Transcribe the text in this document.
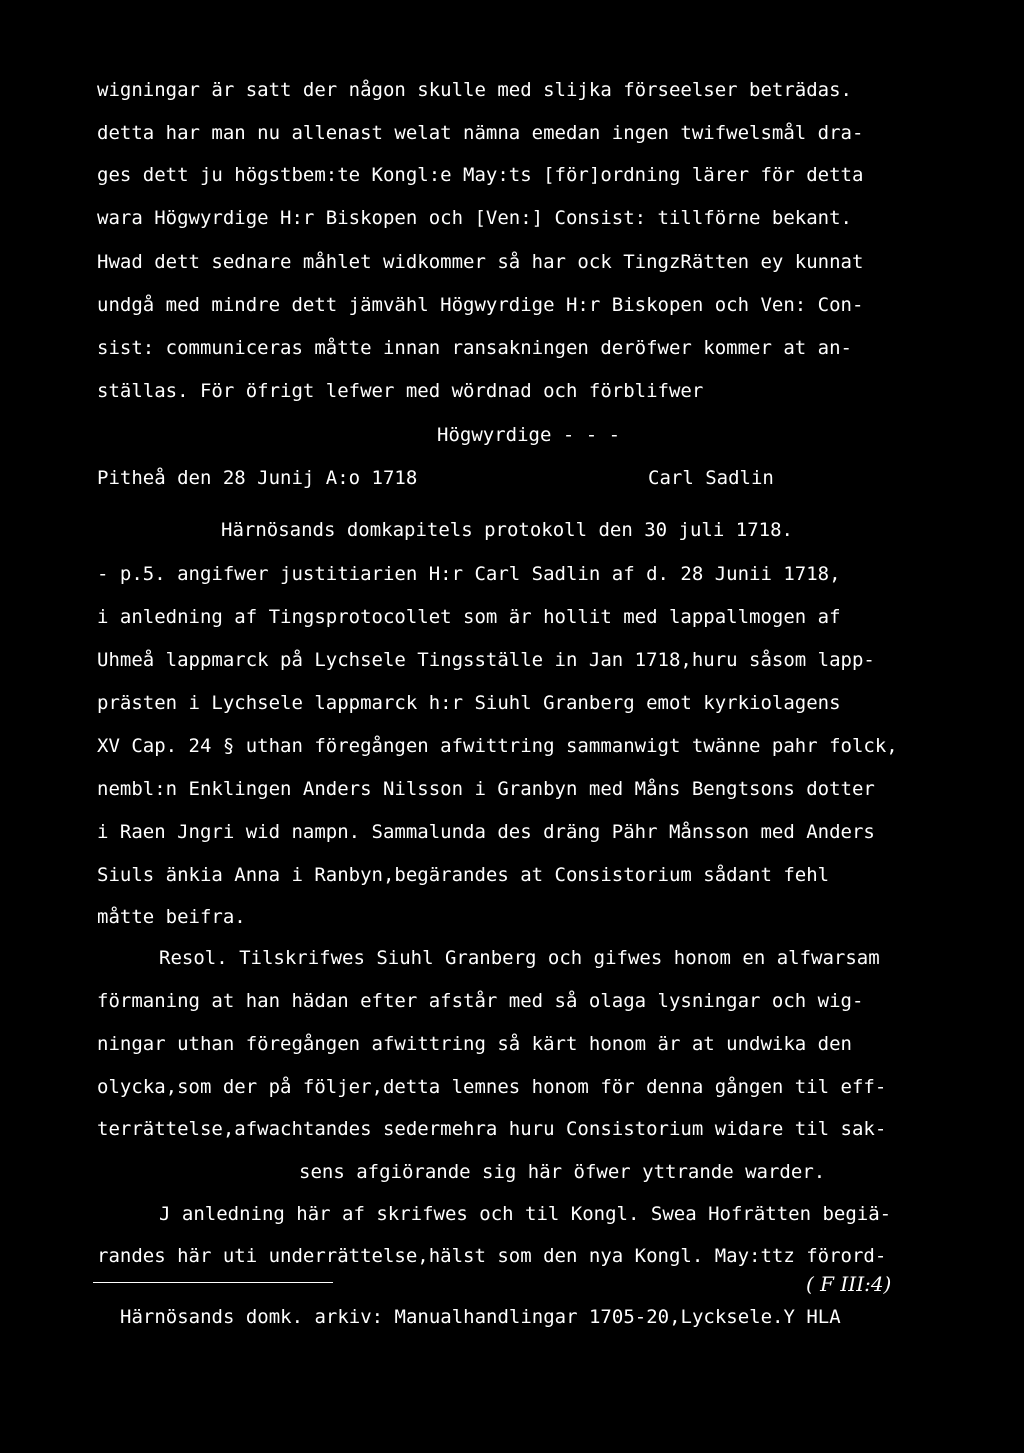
wigningar är satt der någon skulle med slijka förseelser beträdas.
detta har man nu allenast welat nämna emedan ingen twifwelsmål dra-
ges dett ju högstbem:te Kongl:e May:ts [för]ordning lärer för detta
wara Högwyrdige H:r Biskopen och [Ven:] Consist: tillförne bekant.
Hwad dett sednare måhlet widkommer så har ock TingzRätten ey kunnat
undgå med mindre dett jämvähl Högwyrdige H:r Biskopen och Ven: Con-
sist: communiceras måtte innan ransakningen deröfwer kommer at an-
ställas. För öfrigt lefwer med wördnad och förblifwer
Högwyrdige - - -
Pitheå den 28 Junij A:o 1718	Carl Sadlin
Härnösands domkapitels protokoll den 30 juli 1718.
- p.5. angifwer justitiarien H:r Carl Sadlin af d. 28 Junii 1718,
i anledning af Tingsprotocollet som är hollit med lappallmogen af
Uhmeå lappmarck på Lychsele Tingsställe in Jan 1718,huru såsom lapp-
prästen i Lychsele lappmarck h:r Siuhl Granberg emot kyrkiolagens
XV Cap. 24 § uthan föregången afwittring sammanwigt twänne pahr folck,
nembl:n Enklingen Anders Nilsson i Granbyn med Måns Bengtsons dotter
i Raen Jngri wid nampn. Sammalunda des dräng Pähr Månsson med Anders
Siuls änkia Anna i Ranbyn,begärandes at Consistorium sådant fehl
måtte beifra.
Resol. Tilskrifwes Siuhl Granberg och gifwes honom en alfwarsam
förmaning at han hädan efter afstår med så olaga lysningar och wig-
ningar uthan föregången afwittring så kärt honom är at undwika den
olycka,som der på följer,detta lemnes honom för denna gången til eff-
terrättelse,afwachtandes sedermehra huru Consistorium widare til sak-
sens afgiörande sig här öfwer yttrande warder.
J anledning här af skrifwes och til Kongl. Swea Hofrätten begiä-
randes här uti underrättelse,hälst som den nya Kongl. May:ttz förord-
( F III:4)
Härnösands domk. arkiv: Manualhandlingar 1705-20,Lycksele.Y HLA
